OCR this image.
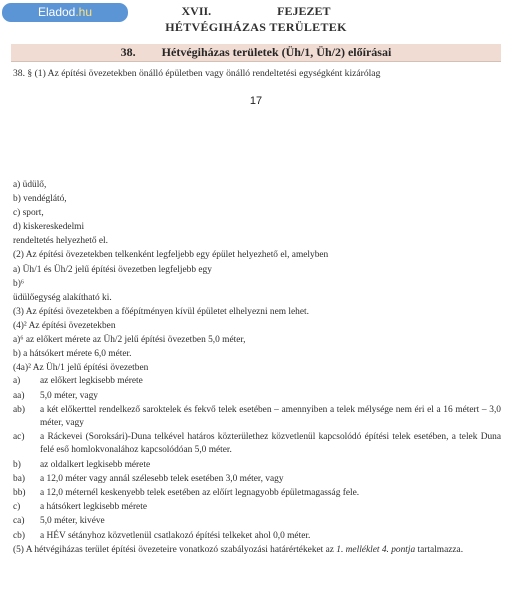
Eladod.hu	XVII.	FEJEZET
HÉTVÉGIHÁZAS TERÜLETEK
38. Hétvégiházas területek (Üh/1, Üh/2) előírásai
38. § (1) Az építési övezetekben önálló épületben vagy önálló rendeltetési egységként kizárólag
17
a) üdülő,
b) vendéglátó,
c) sport,
d) kiskereskedelmi
rendeltetés helyezhető el.
(2) Az építési övezetekben telkenként legfeljebb egy épület helyezhető el, amelyben
a) Üh/1 és Üh/2 jelű építési övezetben legfeljebb egy
b)⁶
üdülőegység alakítható ki.
(3) Az építési övezetekben a főépítményen kívül épületet elhelyezni nem lehet.
(4)² Az építési övezetekben
a)⁶ az előkert mérete az Üh/2 jelű építési övezetben 5,0 méter,
b) a hátsókert mérete 6,0 méter.
(4a)² Az Üh/1 jelű építési övezetben
a)	az előkert legkisebb mérete
aa)	5,0 méter, vagy
ab)	a két előkerttel rendelkező saroktelek és fekvő telek esetében – amennyiben a telek mélysége nem éri el a 16 métert – 3,0 méter, vagy
ac)	a Ráckevei (Soroksári)-Duna telkével határos közterülethez közvetlenül kapcsolódó építési telek esetében, a telek Duna felé eső homlokvonalához kapcsolódóan 5,0 méter.
b)	az oldalkert legkisebb mérete
ba)	a 12,0 méter vagy annál szélesebb telek esetében 3,0 méter, vagy
bb)	a 12,0 méternél keskenyebb telek esetében az előírt legnagyobb épületmagasság fele.
c)	a hátsókert legkisebb mérete
ca)	5,0 méter, kivéve
cb)	a HÉV sétányhoz közvetlenül csatlakozó építési telkeket ahol 0,0 méter.
(5) A hétvégiházas terület építési övezeteire vonatkozó szabályozási határértékeket az 1. melléklet 4. pontja tartalmazza.
